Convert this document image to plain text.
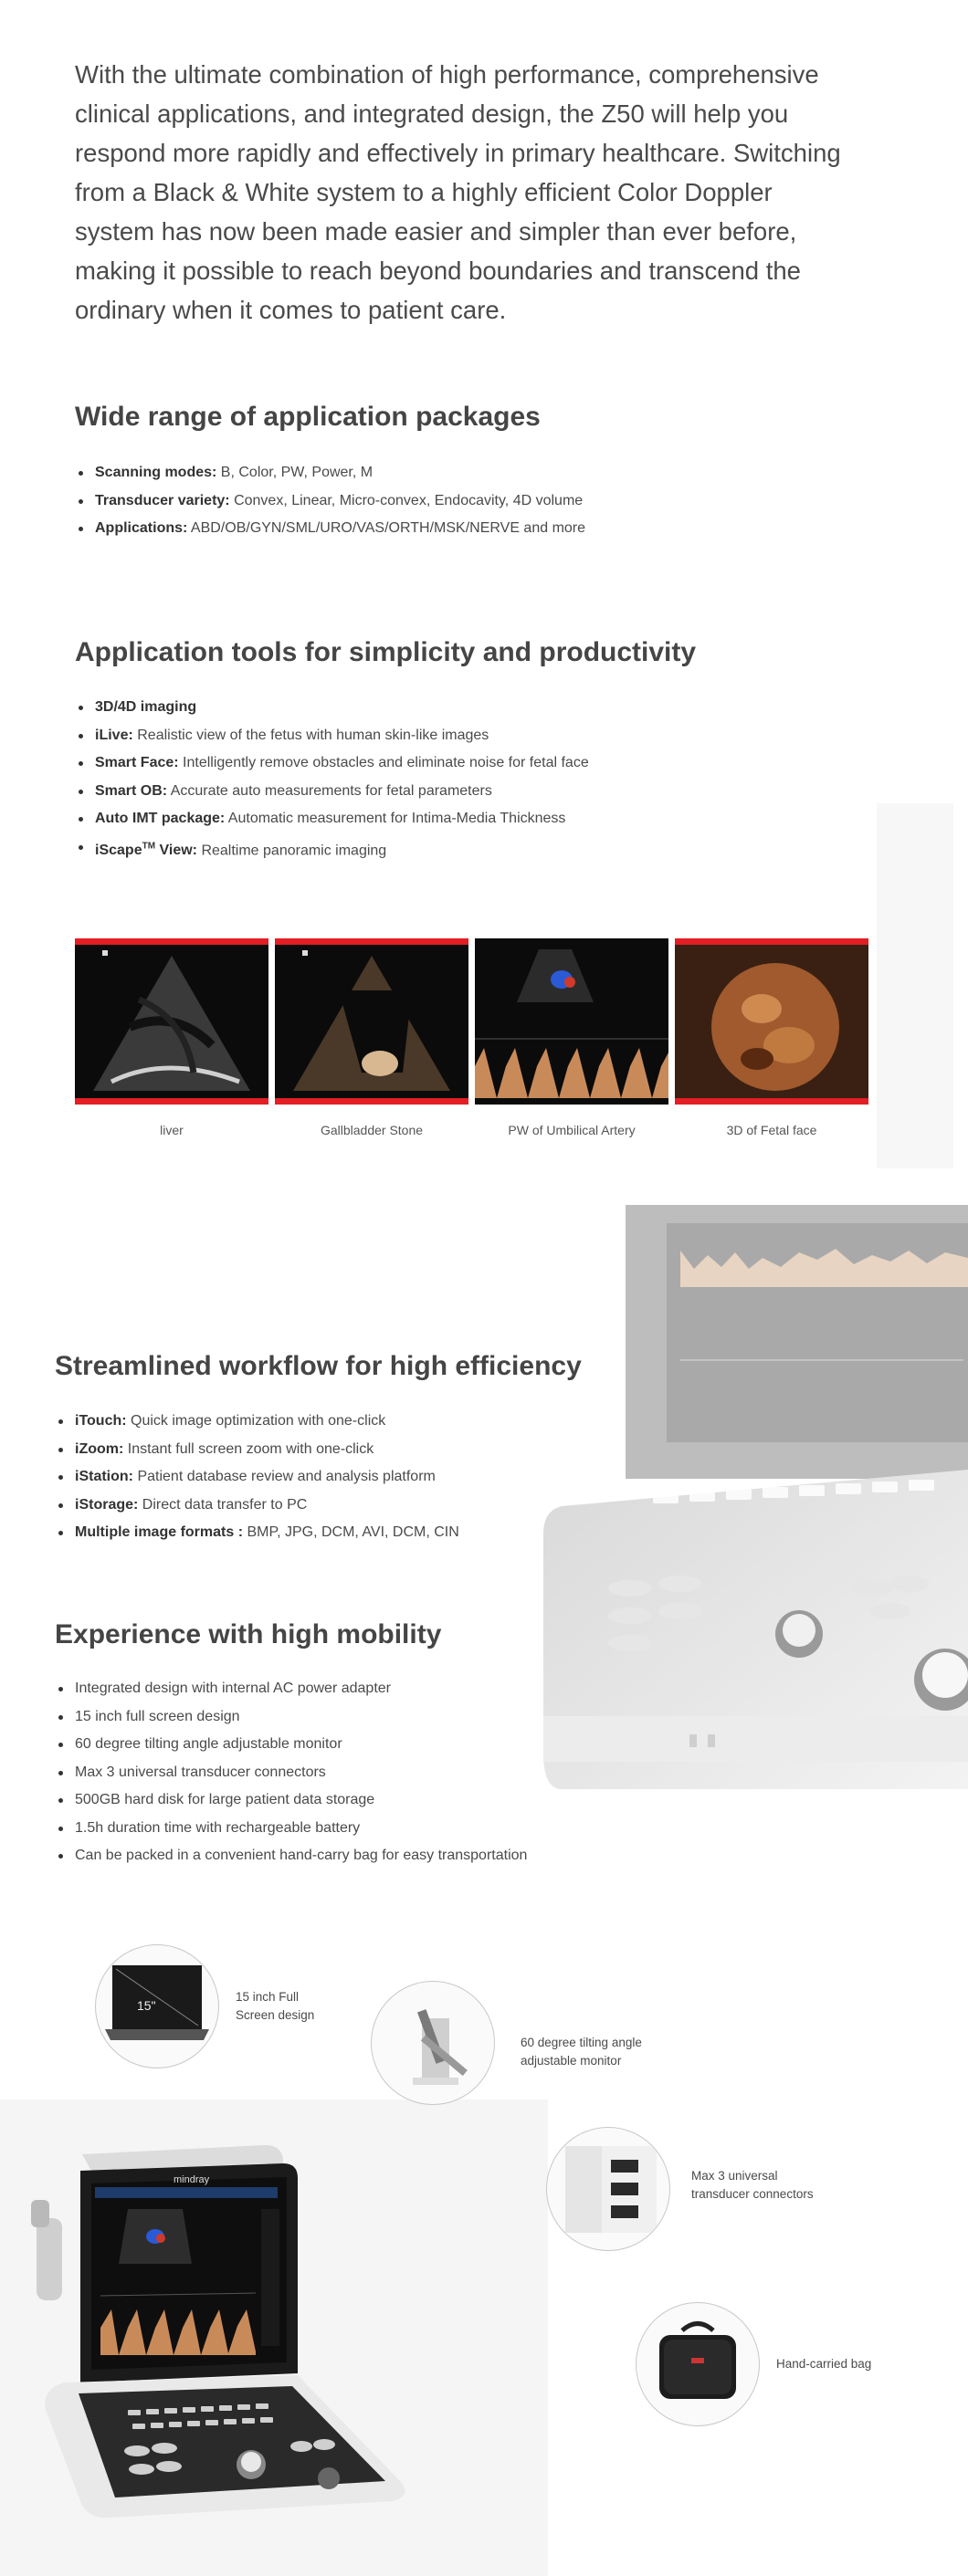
With the ultimate combination of high performance, comprehensive clinical applications, and integrated design, the Z50 will help you respond more rapidly and effectively in primary healthcare. Switching from a Black & White system to a highly efficient Color Doppler system has now been made easier and simpler than ever before, making it possible to reach beyond boundaries and transcend the ordinary when it comes to patient care.
Wide range of application packages
Scanning modes: B, Color, PW, Power, M
Transducer variety: Convex, Linear, Micro-convex, Endocavity, 4D volume
Applications: ABD/OB/GYN/SML/URO/VAS/ORTH/MSK/NERVE and more
Application tools for simplicity and productivity
3D/4D imaging
iLive: Realistic view of the fetus with human skin-like images
Smart Face: Intelligently remove obstacles and eliminate noise for fetal face
Smart OB: Accurate auto measurements for fetal parameters
Auto IMT package: Automatic measurement for Intima-Media Thickness
iScape™ View: Realtime panoramic imaging
liver	Gallbladder Stone	PW of Umbilical Artery	3D of Fetal face
Streamlined workflow for high efficiency
iTouch: Quick image optimization with one-click
iZoom: Instant full screen zoom with one-click
iStation: Patient database review and analysis platform
iStorage: Direct data transfer to PC
Multiple image formats : BMP, JPG, DCM, AVI, DCM, CIN
Experience with high mobility
Integrated design with internal AC power adapter
15 inch full screen design
60 degree tilting angle adjustable monitor
Max 3 universal transducer connectors
500GB hard disk for large patient data storage
1.5h duration time with rechargeable battery
Can be packed in a convenient hand-carry bag for easy transportation
15"
15 inch Full
Screen design
60 degree tilting angle
adjustable monitor
Max 3 universal
transducer connectors
Hand-carried bag
mindray
